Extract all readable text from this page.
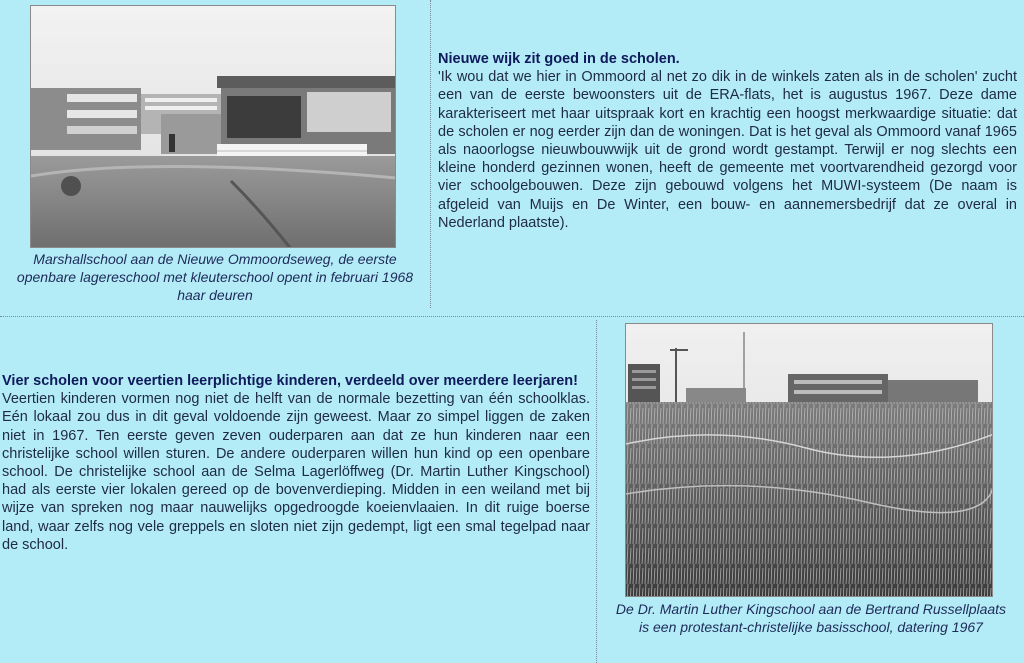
Marshallschool aan de Nieuwe Ommoordseweg, de eerste openbare lagereschool met kleuterschool opent in februari 1968 haar deuren
Nieuwe wijk zit goed in de scholen.

'Ik wou dat we hier in Ommoord al net zo dik in de winkels zaten als in de scholen' zucht een van de eerste bewoonsters uit de ERA-flats, het is augustus 1967. Deze dame karakteriseert met haar uitspraak kort en krachtig een hoogst merkwaardige situatie: dat de scholen er nog eerder zijn dan de woningen. Dat is het geval als Ommoord vanaf 1965 als naoorlogse nieuwbouwwijk uit de grond wordt gestampt. Terwijl er nog slechts een kleine honderd gezinnen wonen, heeft de gemeente met voortvarendheid gezorgd voor vier schoolgebouwen. Deze zijn gebouwd volgens het MUWI-systeem (De naam is afgeleid van Muijs en De Winter, een bouw- en aannemersbedrijf dat ze overal in Nederland plaatste).

Vier scholen voor veertien leerplichtige kinderen, verdeeld over meerdere leerjaren!

Veertien kinderen vormen nog niet de helft van de normale bezetting van één schoolklas. Eén lokaal zou dus in dit geval voldoende zijn geweest. Maar zo simpel liggen de zaken niet in 1967. Ten eerste geven zeven ouderparen aan dat ze hun kinderen naar een christelijke school willen sturen. De andere ouderparen willen hun kind op een openbare school. De christelijke school aan de Selma Lagerlöffweg (Dr. Martin Luther Kingschool) had als eerste vier lokalen gereed op de bovenverdieping. Midden in een weiland met bij wijze van spreken nog maar nauwelijks opgedroogde koeienvlaaien. In dit ruige boerse land, waar zelfs nog vele greppels en sloten niet zijn gedempt, ligt een smal tegelpad naar de school.

De Dr. Martin Luther Kingschool aan de Bertrand Russellplaats is een protestant-christelijke basisschool, datering 1967
